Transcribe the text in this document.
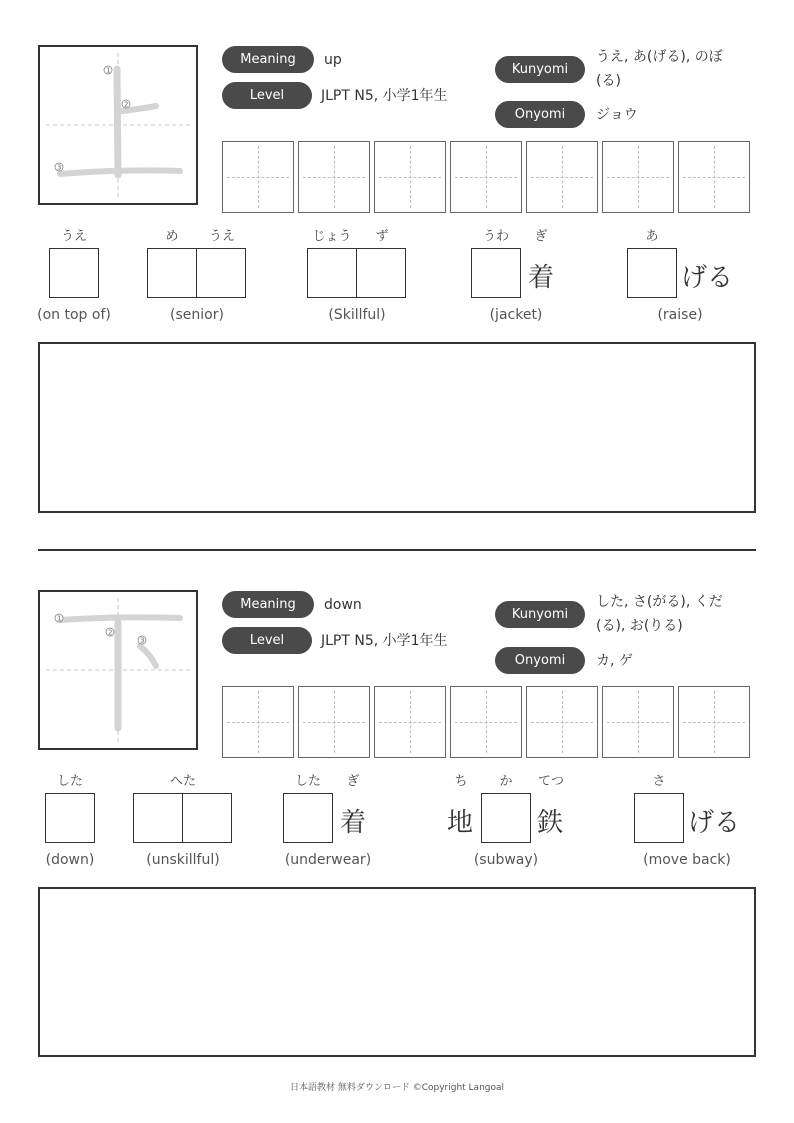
1
2
3
Meaning	up
Level	JLPT N5, 小学1年生
Kunyomi
うえ, あ(げる), のぼ
(る)
Onyomi	ジョウ
うえ
(on top of)
め	うえ
(senior)
じょう	ず
(Skillful)
うわ	ぎ
着
(jacket)
あ
げる
(raise)
1
2
3
Meaning	down
Level	JLPT N5, 小学1年生
Kunyomi
した, さ(がる), くだ
(る), お(りる)
Onyomi	カ, ゲ
した
(down)
へた
(unskillful)
した	ぎ
着
(underwear)
ち	か	てつ
地 鉄
(subway)
さ
げる
(move back)
日本語教材 無料ダウンロード ©Copyright Langoal
